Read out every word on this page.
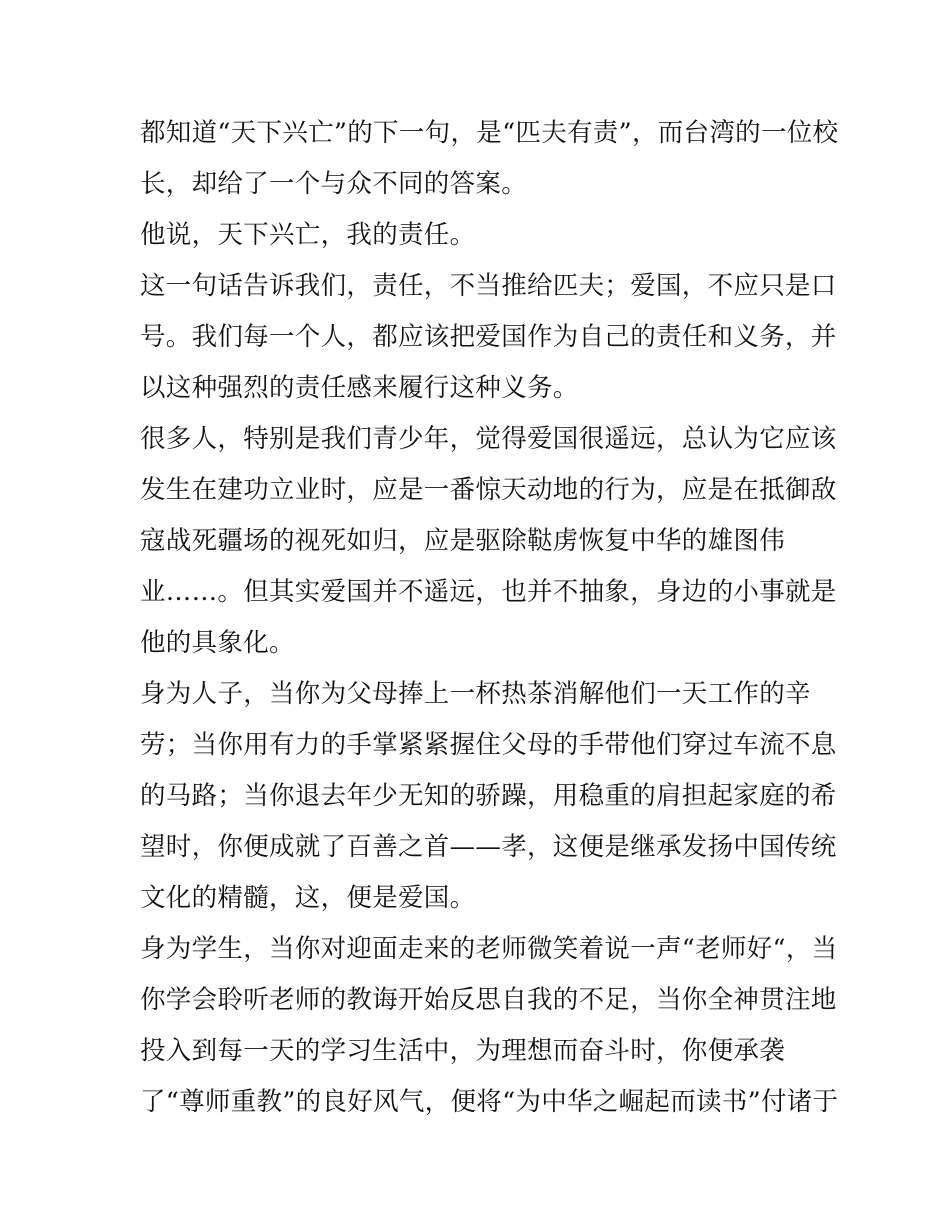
都知道“天下兴亡”的下一句，是“匹夫有责”，而台湾的一位校
长，却给了一个与众不同的答案。
他说，天下兴亡，我的责任。
这一句话告诉我们，责任，不当推给匹夫；爱国，不应只是口
号。我们每一个人，都应该把爱国作为自己的责任和义务，并
以这种强烈的责任感来履行这种义务。
很多人，特别是我们青少年，觉得爱国很遥远，总认为它应该
发生在建功立业时，应是一番惊天动地的行为，应是在抵御敌
寇战死疆场的视死如归，应是驱除鞑虏恢复中华的雄图伟
业……。但其实爱国并不遥远，也并不抽象，身边的小事就是
他的具象化。
身为人子，当你为父母捧上一杯热茶消解他们一天工作的辛
劳；当你用有力的手掌紧紧握住父母的手带他们穿过车流不息
的马路；当你退去年少无知的骄躁，用稳重的肩担起家庭的希
望时，你便成就了百善之首——孝，这便是继承发扬中国传统
文化的精髓，这，便是爱国。
身为学生，当你对迎面走来的老师微笑着说一声“老师好“，当
你学会聆听老师的教诲开始反思自我的不足，当你全神贯注地
投入到每一天的学习生活中，为理想而奋斗时，你便承袭
了“尊师重教”的良好风气，便将“为中华之崛起而读书”付诸于
